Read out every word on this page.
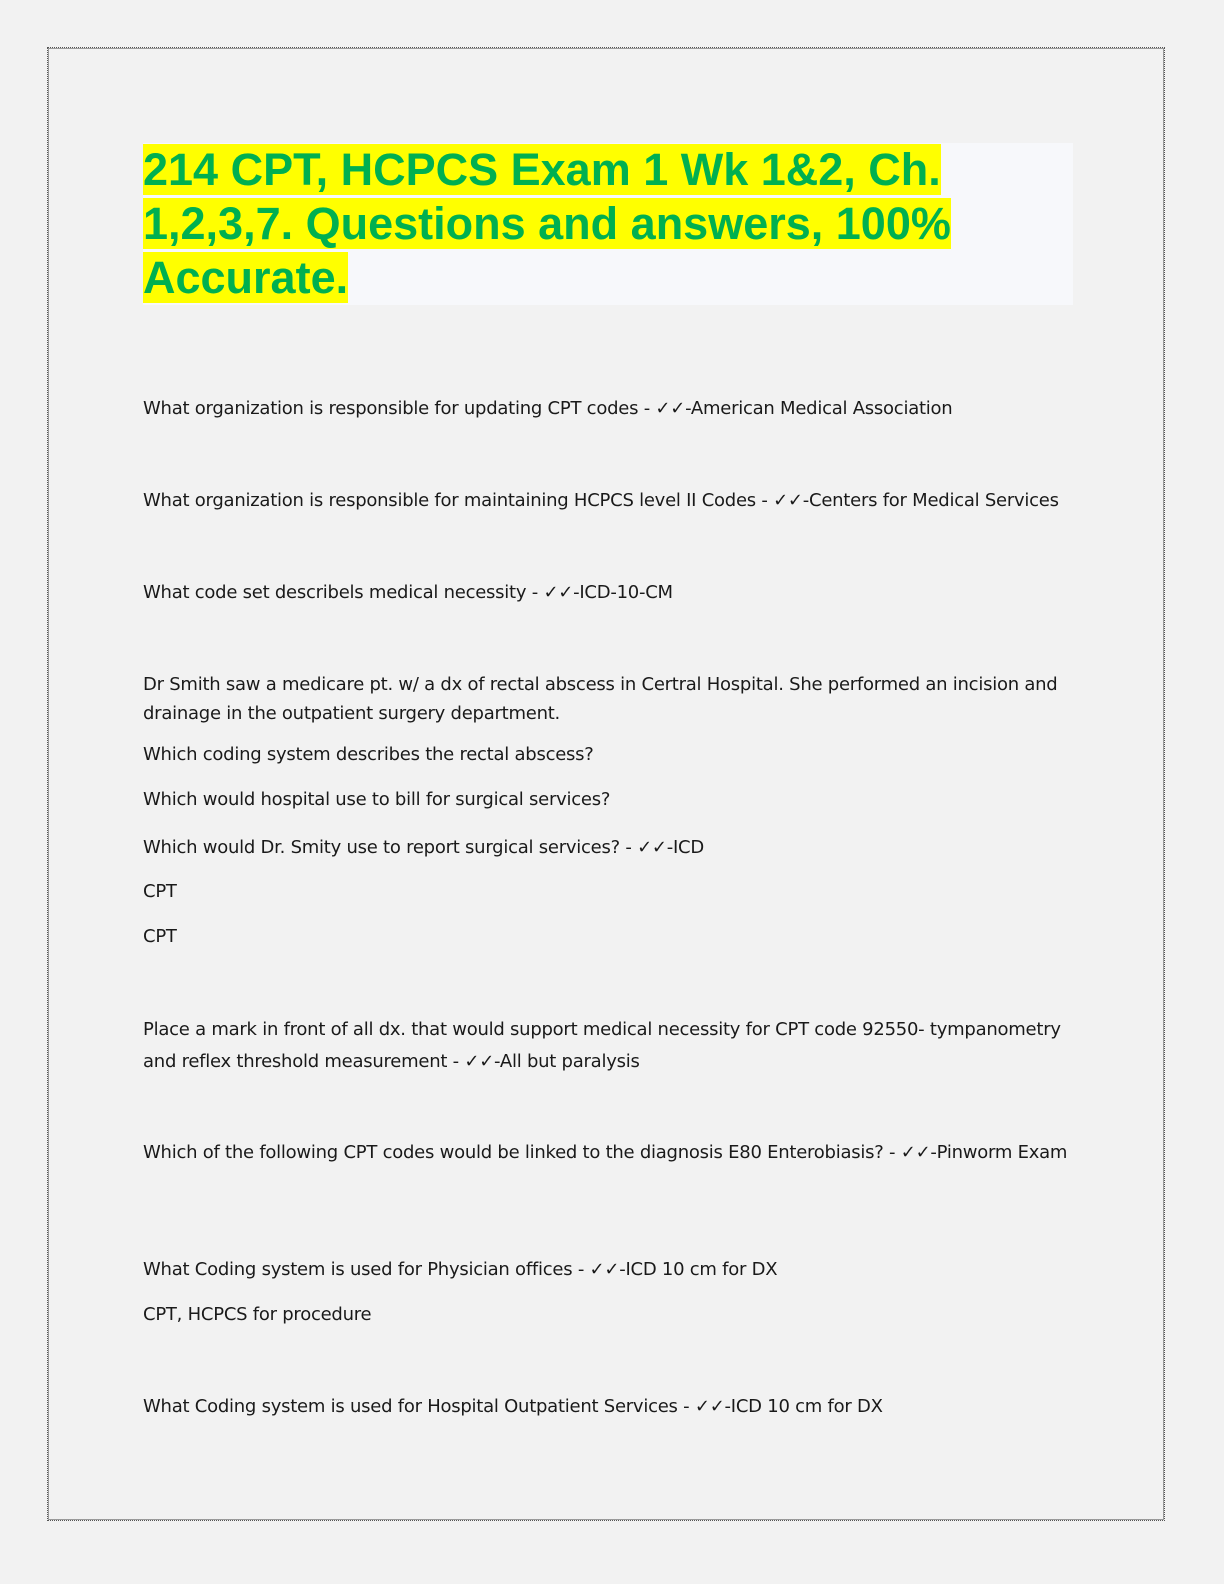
214 CPT, HCPCS Exam 1 Wk 1&2, Ch. 1,2,3,7. Questions and answers, 100% Accurate.

What organization is responsible for updating CPT codes - ✓✓-American Medical Association

What organization is responsible for maintaining HCPCS level II Codes - ✓✓-Centers for Medical Services

What code set describels medical necessity - ✓✓-ICD-10-CM

Dr Smith saw a medicare pt. w/ a dx of rectal abscess in Certral Hospital. She performed an incision and drainage in the outpatient surgery department.

Which coding system describes the rectal abscess?

Which would hospital use to bill for surgical services?

Which would Dr. Smity use to report surgical services? - ✓✓-ICD

CPT

CPT

Place a mark in front of all dx. that would support medical necessity for CPT code 92550- tympanometry and reflex threshold measurement - ✓✓-All but paralysis

Which of the following CPT codes would be linked to the diagnosis E80 Enterobiasis? - ✓✓-Pinworm Exam

What Coding system is used for Physician offices - ✓✓-ICD 10 cm for DX

CPT, HCPCS for procedure

What Coding system is used for Hospital Outpatient Services - ✓✓-ICD 10 cm for DX
